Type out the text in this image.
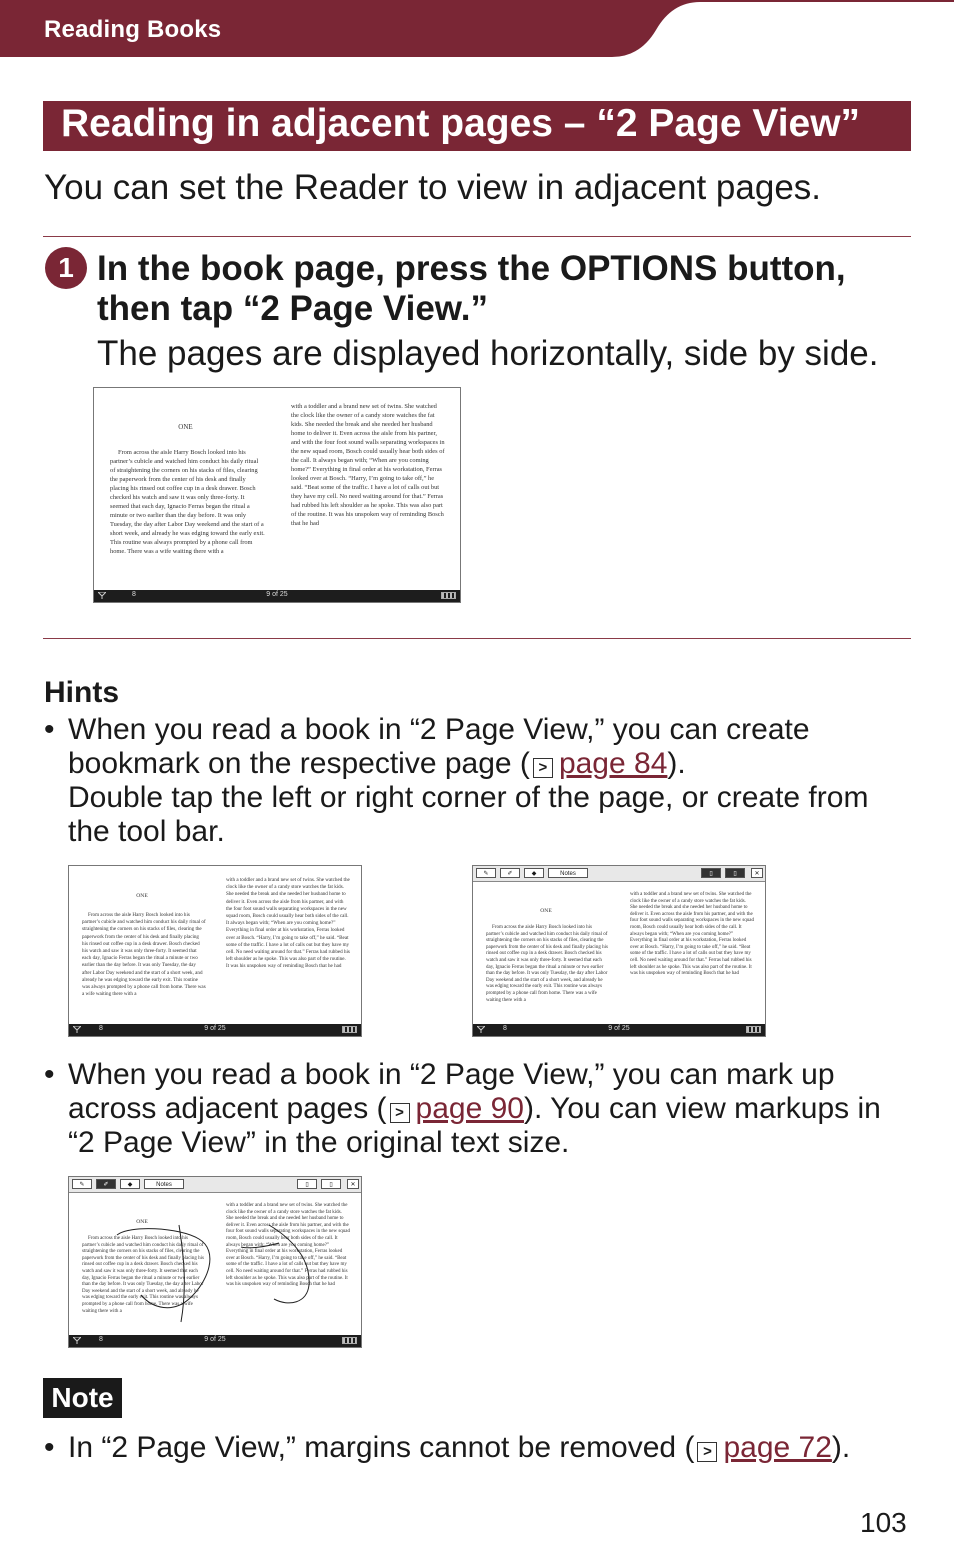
Reading Books
Reading in adjacent pages – “2 Page View”
You can set the Reader to view in adjacent pages.
1 In the book page, press the OPTIONS button,
then tap “2 Page View.”
The pages are displayed horizontally, side by side.
ONE
From across the aisle Harry Bosch looked into his partner’s cubicle and watched him conduct his daily ritual of straightening the corners on his stacks of files, clearing the paperwork from the center of his desk and finally placing his rinsed out coffee cup in a desk drawer. Bosch checked his watch and saw it was only three-forty. It seemed that each day, Ignacio Ferras began the ritual a minute or two earlier than the day before. It was only Tuesday, the day after Labor Day weekend and the start of a short week, and already he was edging toward the early exit. This routine was always prompted by a phone call from home. There was a wife waiting there with a
with a toddler and a brand new set of twins. She watched the clock like the owner of a candy store watches the fat kids. She needed the break and she needed her husband home to deliver it. Even across the aisle from his partner, and with the four foot sound walls separating workspaces in the new squad room, Bosch could usually hear both sides of the call. It always began with; “When are you coming home?” Everything in final order at his workstation, Ferras looked over at Bosch. “Harry, I’m going to take off,” he said. “Beat some of the traffic. I have a lot of calls out but they have my cell. No need waiting around for that.” Ferras had rubbed his left shoulder as he spoke. This was also part of the routine. It was his unspoken way of reminding Bosch that he had
8	9 of 25
Hints
• When you read a book in “2 Page View,” you can create
bookmark on the respective page ( > page 84).
Double tap the left or right corner of the page, or create from
the tool bar.
ONE
From across the aisle Harry Bosch looked into his partner’s cubicle and watched him conduct his daily ritual of straightening the corners on his stacks of files, clearing the paperwork from the center of his desk and finally placing his rinsed out coffee cup in a desk drawer. Bosch checked his watch and saw it was only three-forty. It seemed that each day, Ignacio Ferras began the ritual a minute or two earlier than the day before. It was only Tuesday, the day after Labor Day weekend and the start of a short week, and already he was edging toward the early exit. This routine was always prompted by a phone call from home. There was a wife waiting there with a
with a toddler and a brand new set of twins. She watched the clock like the owner of a candy store watches the fat kids. She needed the break and she needed her husband home to deliver it. Even across the aisle from his partner, and with the four foot sound walls separating workspaces in the new squad room, Bosch could usually hear both sides of the call. It always began with; “When are you coming home?” Everything in final order at his workstation, Ferras looked over at Bosch. “Harry, I’m going to take off,” he said. “Beat some of the traffic. I have a lot of calls out but they have my cell. No need waiting around for that.” Ferras had rubbed his left shoulder as he spoke. This was also part of the routine. It was his unspoken way of reminding Bosch that he had
8	9 of 25
ONE
From across the aisle Harry Bosch looked into his partner’s cubicle and watched him conduct his daily ritual of straightening the corners on his stacks of files, clearing the paperwork from the center of his desk and finally placing his rinsed out coffee cup in a desk drawer. Bosch checked his watch and saw it was only three-forty. It seemed that each day, Ignacio Ferras began the ritual a minute or two earlier than the day before. It was only Tuesday, the day after Labor Day weekend and the start of a short week, and already he was edging toward the early exit. This routine was always prompted by a phone call from home. There was a wife waiting there with a
with a toddler and a brand new set of twins. She watched the clock like the owner of a candy store watches the fat kids. She needed the break and she needed her husband home to deliver it. Even across the aisle from his partner, and with the four foot sound walls separating workspaces in the new squad room, Bosch could usually hear both sides of the call. It always began with; “When are you coming home?” Everything in final order at his workstation, Ferras looked over at Bosch. “Harry, I’m going to take off,” he said. “Beat some of the traffic. I have a lot of calls out but they have my cell. No need waiting around for that.” Ferras had rubbed his left shoulder as he spoke. This was also part of the routine. It was his unspoken way of reminding Bosch that he had
✎	✐	◆	Notes	▯	▯	✕
8	9 of 25
• When you read a book in “2 Page View,” you can mark up
across adjacent pages ( > page 90). You can view markups in
“2 Page View” in the original text size.
ONE
From across the aisle Harry Bosch looked into his partner’s cubicle and watched him conduct his daily ritual of straightening the corners on his stacks of files, clearing the paperwork from the center of his desk and finally placing his rinsed out coffee cup in a desk drawer. Bosch checked his watch and saw it was only three-forty. It seemed that each day, Ignacio Ferras began the ritual a minute or two earlier than the day before. It was only Tuesday, the day after Labor Day weekend and the start of a short week, and already he was edging toward the early exit. This routine was always prompted by a phone call from home. There was a wife waiting there with a
with a toddler and a brand new set of twins. She watched the clock like the owner of a candy store watches the fat kids. She needed the break and she needed her husband home to deliver it. Even across the aisle from his partner, and with the four foot sound walls separating workspaces in the new squad room, Bosch could usually hear both sides of the call. It always began with; “When are you coming home?” Everything in final order at his workstation, Ferras looked over at Bosch. “Harry, I’m going to take off,” he said. “Beat some of the traffic. I have a lot of calls out but they have my cell. No need waiting around for that.” Ferras had rubbed his left shoulder as he spoke. This was also part of the routine. It was his unspoken way of reminding Bosch that he had
✎	✐	◆	Notes	▯	▯	✕
8	9 of 25
Note
• In “2 Page View,” margins cannot be removed ( > page 72).
103
